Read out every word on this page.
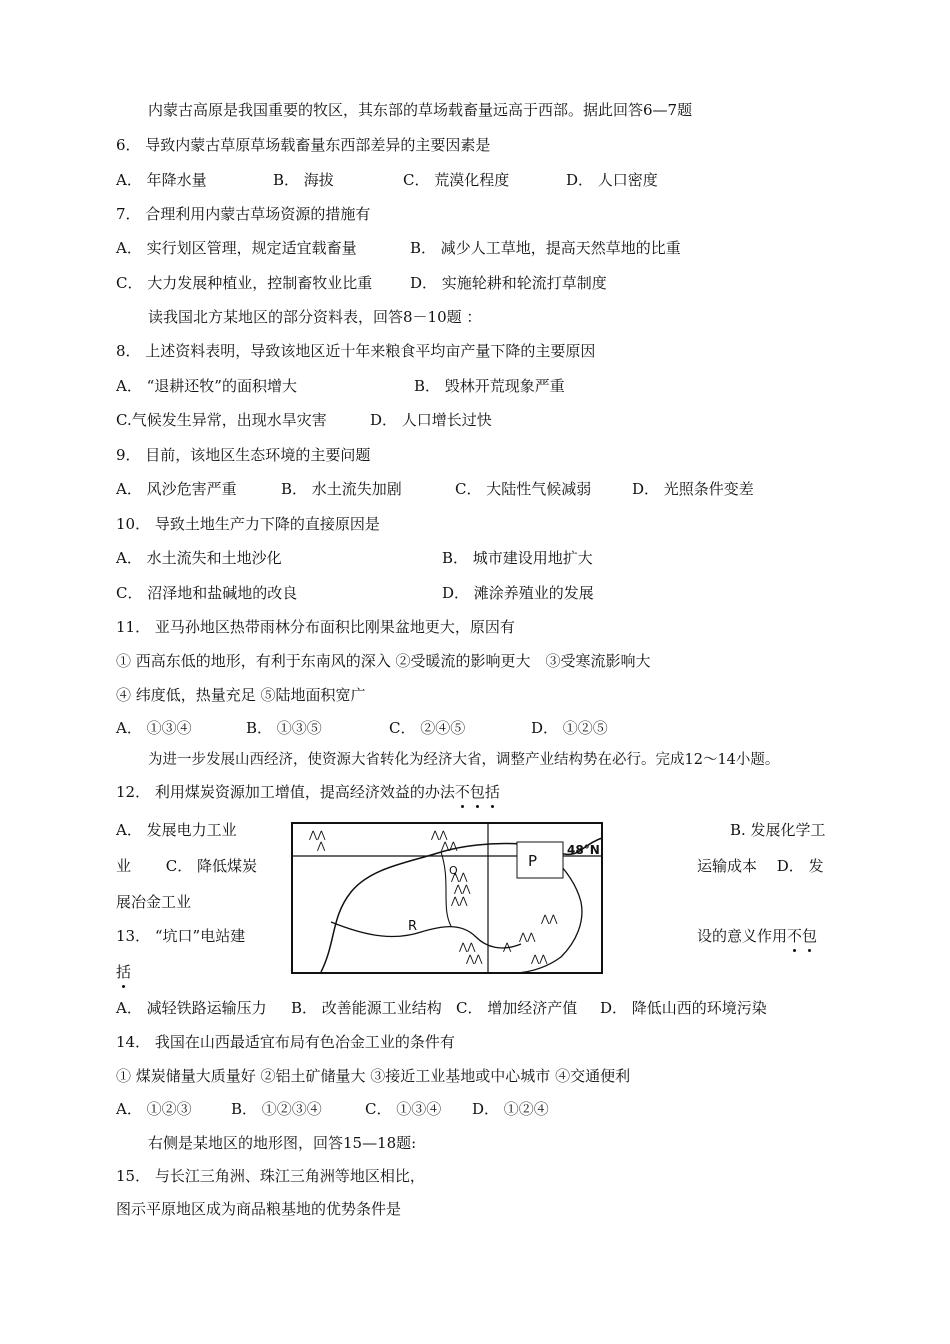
内蒙古高原是我国重要的牧区，其东部的草场载畜量远高于西部。据此回答6—7题
6． 导致内蒙古草原草场载畜量东西部差异的主要因素是
A． 年降水量	B． 海拔	C． 荒漠化程度	D． 人口密度
7． 合理利用内蒙古草场资源的措施有
A． 实行划区管理，规定适宜载畜量	B． 减少人工草地，提高天然草地的比重
C． 大力发展种植业，控制畜牧业比重	D． 实施轮耕和轮流打草制度
读我国北方某地区的部分资料表，回答8－10题 ：
8． 上述资料表明，导致该地区近十年来粮食平均亩产量下降的主要原因
A． “退耕还牧”的面积增大	B． 毁林开荒现象严重
C.气候发生异常，出现水旱灾害	D． 人口增长过快
9． 目前，该地区生态环境的主要问题
A． 风沙危害严重	B． 水土流失加剧	C． 大陆性气候减弱	D． 光照条件变差
10． 导致土地生产力下降的直接原因是
A． 水土流失和土地沙化	B． 城市建设用地扩大
C． 沼泽地和盐碱地的改良	D． 滩涂养殖业的发展
11． 亚马孙地区热带雨林分布面积比刚果盆地更大，原因有
① 西高东低的地形，有利于东南风的深入 ②受暖流的影响更大　③受寒流影响大
④ 纬度低，热量充足 ⑤陆地面积宽广
A． ①③④	B． ①③⑤	C． ②④⑤	D． ①②⑤
为进一步发展山西经济，使资源大省转化为经济大省，调整产业结构势在必行。完成12～14小题。
12． 利用煤炭资源加工增值，提高经济效益的办法不包括
A． 发展电力工业	B. 发展化学工
业　　 C． 降低煤炭	运输成本　 D． 发
展冶金工业
13． “坑口”电站建	设的意义作用不包
括
A． 减轻铁路运输压力 B． 改善能源工业结构 C． 增加经济产值 D． 降低山西的环境污染
14． 我国在山西最适宜布局有色冶金工业的条件有
① 煤炭储量大质量好 ②铝土矿储量大 ③接近工业基地或中心城市 ④交通便利
A． ①②③	B． ①②③④	C． ①③④ D． ①②④
右侧是某地区的地形图，回答15—18题:
15． 与长江三角洲、珠江三角洲等地区相比，
图示平原地区成为商品粮基地的优势条件是
⋀⋀
⋀
⋀⋀
⋀⋀
⋀⋀
⋀⋀
⋀⋀
⋀⋀
⋀⋀
⋀
⋀⋀
⋀⋀
⋀⋀
P
Q
R
48°N
